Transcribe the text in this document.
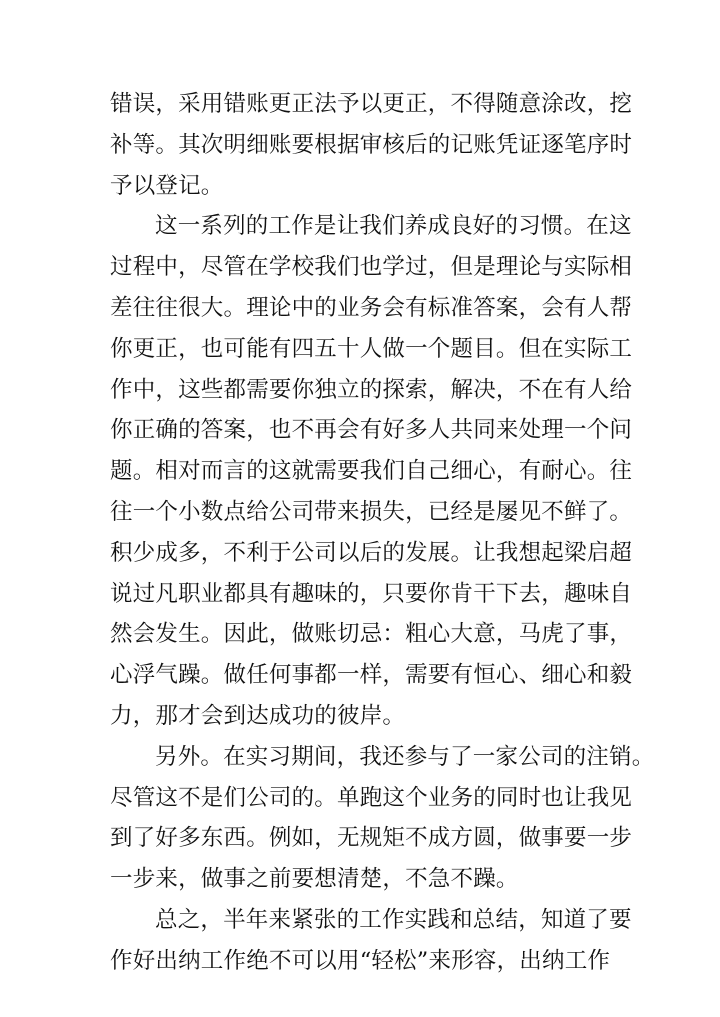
错误，采用错账更正法予以更正，不得随意涂改，挖
补等。其次明细账要根据审核后的记账凭证逐笔序时
予以登记。
这一系列的工作是让我们养成良好的习惯。在这
过程中，尽管在学校我们也学过，但是理论与实际相
差往往很大。理论中的业务会有标准答案，会有人帮
你更正，也可能有四五十人做一个题目。但在实际工
作中，这些都需要你独立的探索，解决，不在有人给
你正确的答案，也不再会有好多人共同来处理一个问
题。相对而言的这就需要我们自己细心，有耐心。往
往一个小数点给公司带来损失，已经是屡见不鲜了。
积少成多，不利于公司以后的发展。让我想起梁启超
说过凡职业都具有趣味的，只要你肯干下去，趣味自
然会发生。因此，做账切忌：粗心大意，马虎了事，
心浮气躁。做任何事都一样，需要有恒心、细心和毅
力，那才会到达成功的彼岸。
另外。在实习期间，我还参与了一家公司的注销。
尽管这不是们公司的。单跑这个业务的同时也让我见
到了好多东西。例如，无规矩不成方圆，做事要一步
一步来，做事之前要想清楚，不急不躁。
总之，半年来紧张的工作实践和总结，知道了要
作好出纳工作绝不可以用“轻松”来形容，出纳工作
